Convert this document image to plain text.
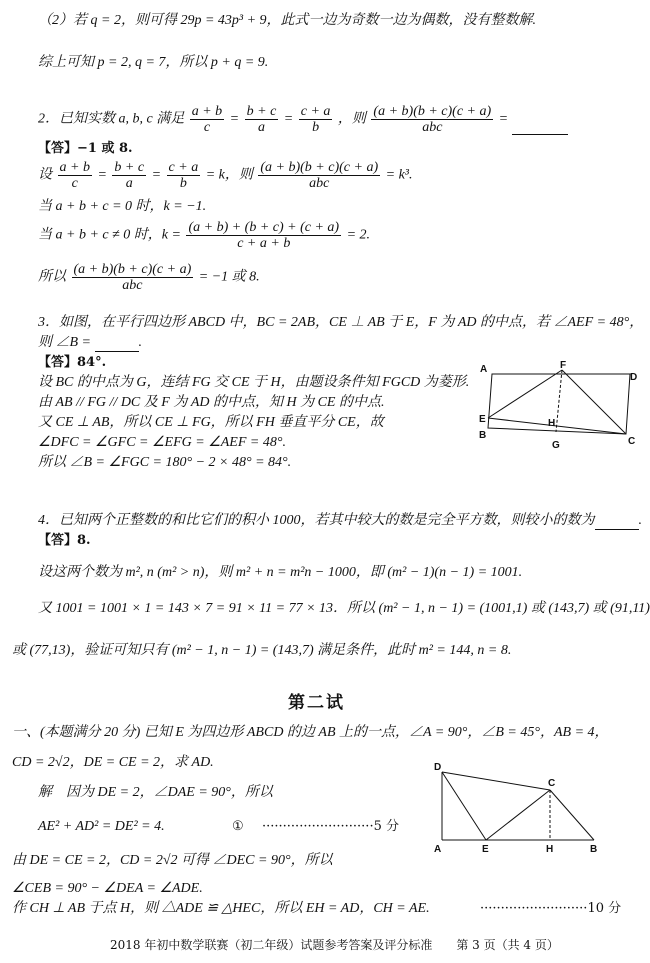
（2）若 q = 2，则可得 29p = 43p³ + 9，此式一边为奇数一边为偶数，没有整数解.
综上可知 p = 2, q = 7，所以 p + q = 9.
2．已知实数 a, b, c 满足 $\frac{a + b}{c} = \frac{b + c}{a} = \frac{c + a}{b}$ ，则 $\frac{(a + b)(b + c)(c + a)}{\text{abc}}$ =
【答】−1 或 8.
设 $\frac{a + b}{c} = \frac{b + c}{a} = \frac{c + a}{b} = k$，则 $\frac{(a + b)(b + c)(c + a)}{\text{abc}} = k^3$.
当 a + b + c = 0 时，k = −1.
当 a + b + c ≠ 0 时，$k = \frac{(a + b) + (b + c) + (c + a)}{c + a + b} = 2$.
所以 $\frac{(a + b)(b + c)(c + a)}{\text{abc}} = -1$ 或 8.
3．如图，在平行四边形 ABCD 中，BC = 2AB，CE ⊥ AB 于 E，F 为 AD 的中点，若 ∠AEF = 48°，
则 ∠B =	.
【答】84°.
设 BC 的中点为 G，连结 FG 交 CE 于 H，由题设条件知 FGCD 为菱形.
由 AB // FG // DC 及 F 为 AD 的中点，知 H 为 CE 的中点.
又 CE ⊥ AB，所以 CE ⊥ FG，所以 FH 垂直平分 CE，故
∠DFC = ∠GFC = ∠EFG = ∠AEF = 48°.
所以 ∠B = ∠FGC = 180° − 2 × 48° = 84°.
A	F
D
E	H
B
G	C
4．已知两个正整数的和比它们的积小 1000，若其中较大的数是完全平方数，则较小的数为	.
【答】8.
设这两个数为 m², n (m² > n)，则 m² + n = m²n − 1000，即 (m² − 1)(n − 1) = 1001.
又 1001 = 1001 × 1 = 143 × 7 = 91 × 11 = 77 × 13．所以 (m² − 1, n − 1) = (1001,1) 或 (143,7) 或 (91,11)
或 (77,13)，验证可知只有 (m² − 1, n − 1) = (143,7) 满足条件，此时 m² = 144, n = 8.
第二试
一、(本题满分 20 分) 已知 E 为四边形 ABCD 的边 AB 上的一点，∠A = 90°，∠B = 45°，AB = 4，
CD = 2√2，DE = CE = 2，求 AD.
解　因为 DE = 2，∠DAE = 90°，所以
AE² + AD² = DE² = 4.	① ···························5 分
由 DE = CE = 2，CD = 2√2 可得 ∠DEC = 90°，所以
∠CEB = 90° − ∠DEA = ∠ADE.
作 CH ⊥ AB 于点 H，则 △ADE ≌ △HEC，所以 EH = AD，CH = AE.	··························10 分
D
C
A	E	H	B
2018 年初中数学联赛（初二年级）试题参考答案及评分标准　　第 3 页（共 4 页）
